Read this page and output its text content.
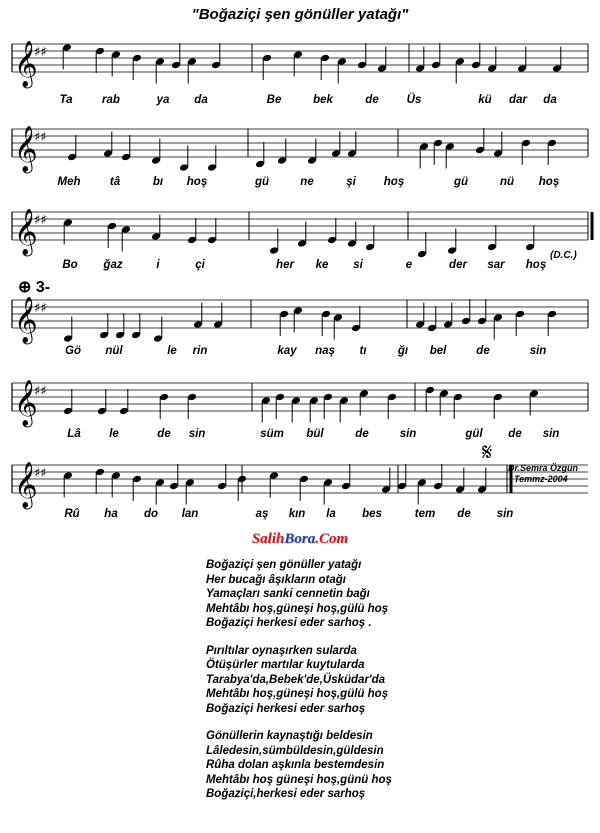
"Boğaziçi şen gönüller yatağı"
𝄞
♯♯
𝄞
♯♯
𝄞
♯♯
𝄞
♯♯
𝄞
♯♯
𝄞
♯♯
Ta	rab	ya da	Be	bek	de Üs	kü dar da
Meh	tâ	bı hoş	gü	ne	şi hoş	gü	nü hoş
Bo ğaz	i	çi	her ke si	e	der sar hoş
Gö nül	le rin	kay naş tı	ğı bel	de	sin
Lâ le	de sin	süm bül	de	sin	gül de sin
Rû ha do lan	aş kın la bes	tem de sin
(D.C.)
⊕ 3-
𝄋
Dr.Semra Özgün
Temmz-2004
SalihBora.Com
Boğaziçi şen gönüller yatağı
Her bucağı âşıkların otağı
Yamaçları sanki cennetin bağı
Mehtâbı hoş,güneşi hoş,gülü hoş
Boğaziçi herkesi eder sarhoş .
Pırıltılar oynaşırken sularda
Ötüşürler martılar kuytularda
Tarabya'da,Bebek'de,Üsküdar'da
Mehtâbı hoş,güneşi hoş,gülü hoş
Boğaziçi herkesi eder sarhoş
Gönüllerin kaynaştığı beldesin
Lâledesin,sümbüldesin,güldesin
Rûha dolan aşkınla bestemdesin
Mehtâbı hoş güneşi hoş,günü hoş
Boğaziçi,herkesi eder sarhoş
